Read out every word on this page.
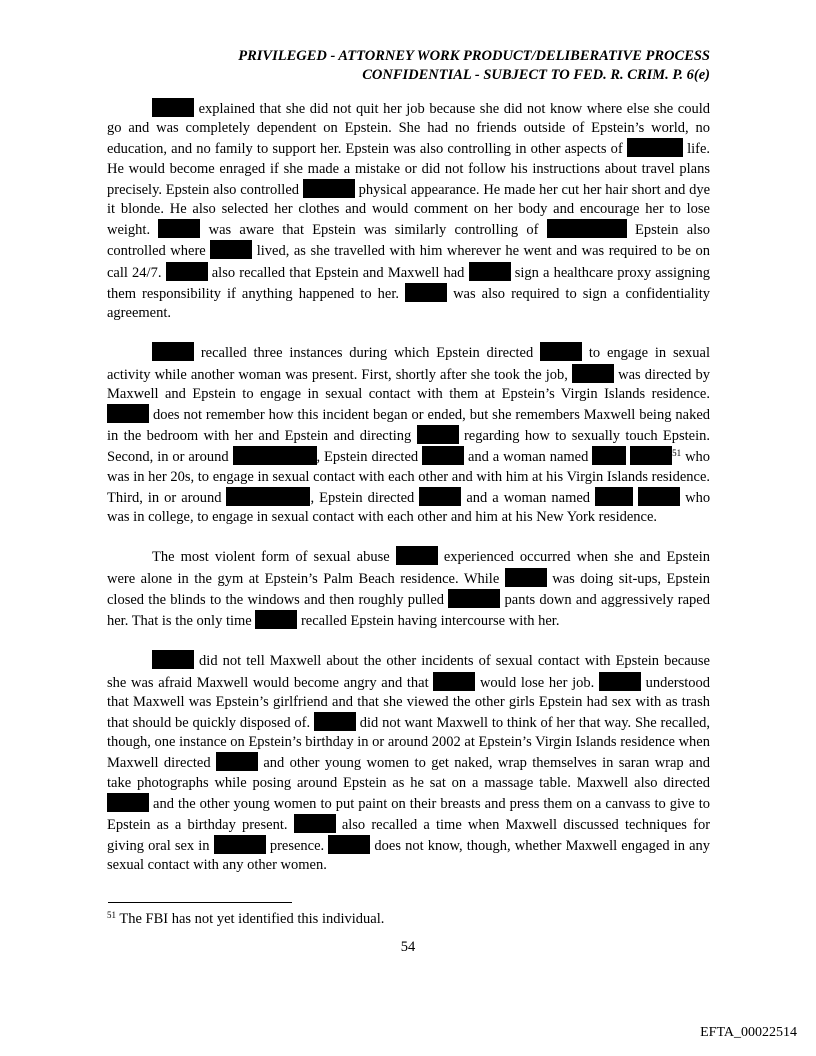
PRIVILEGED - ATTORNEY WORK PRODUCT/DELIBERATIVE PROCESS
CONFIDENTIAL - SUBJECT TO FED. R. CRIM. P. 6(e)

explained that she did not quit her job because she did not know where else she could go and was completely dependent on Epstein. She had no friends outside of Epstein’s world, no education, and no family to support her. Epstein was also controlling in other aspects of	life. He would become enraged if she made a mistake or did not follow his instructions about travel plans precisely. Epstein also controlled	physical appearance. He made her cut her hair short and dye it blonde. He also selected her clothes and would comment on her body and encourage her to lose weight.	was aware that Epstein was similarly controlling of	Epstein also controlled where	lived, as she travelled with him wherever he went and was required to be on call 24/7.	also recalled that Epstein and Maxwell had	sign a healthcare proxy assigning them responsibility if anything happened to her.	was also required to sign a confidentiality agreement.

recalled three instances during which Epstein directed	to engage in sexual activity while another woman was present. First, shortly after she took the job,	was directed by Maxwell and Epstein to engage in sexual contact with them at Epstein’s Virgin Islands residence.  does not remember how this incident began or ended, but she remembers Maxwell being naked in the bedroom with her and Epstein and directing	regarding how to sexually touch Epstein. Second, in or around	, Epstein directed	and a woman named	$^{51}$ who was in her 20s, to engage in sexual contact with each other and with him at his Virgin Islands residence. Third, in or around	, Epstein directed	and a woman named	who was in college, to engage in sexual contact with each other and him at his New York residence.

The most violent form of sexual abuse	experienced occurred when she and Epstein were alone in the gym at Epstein’s Palm Beach residence. While	was doing sit-ups, Epstein closed the blinds to the windows and then roughly pulled	pants down and aggressively raped her. That is the only time	recalled Epstein having intercourse with her.

did not tell Maxwell about the other incidents of sexual contact with Epstein because she was afraid Maxwell would become angry and that	would lose her job.	understood that Maxwell was Epstein’s girlfriend and that she viewed the other girls Epstein had sex with as trash that should be quickly disposed of.	did not want Maxwell to think of her that way. She recalled, though, one instance on Epstein’s birthday in or around 2002 at Epstein’s Virgin Islands residence when Maxwell directed	and other young women to get naked, wrap themselves in saran wrap and take photographs while posing around Epstein as he sat on a massage table. Maxwell also directed  and the other young women to put paint on their breasts and press them on a canvass to give to Epstein as a birthday present.	also recalled a time when Maxwell discussed techniques for giving oral sex in	presence.	does not know, though, whether Maxwell engaged in any sexual contact with any other women.

$^{51}$ The FBI has not yet identified this individual.
54
EFTA_00022514
